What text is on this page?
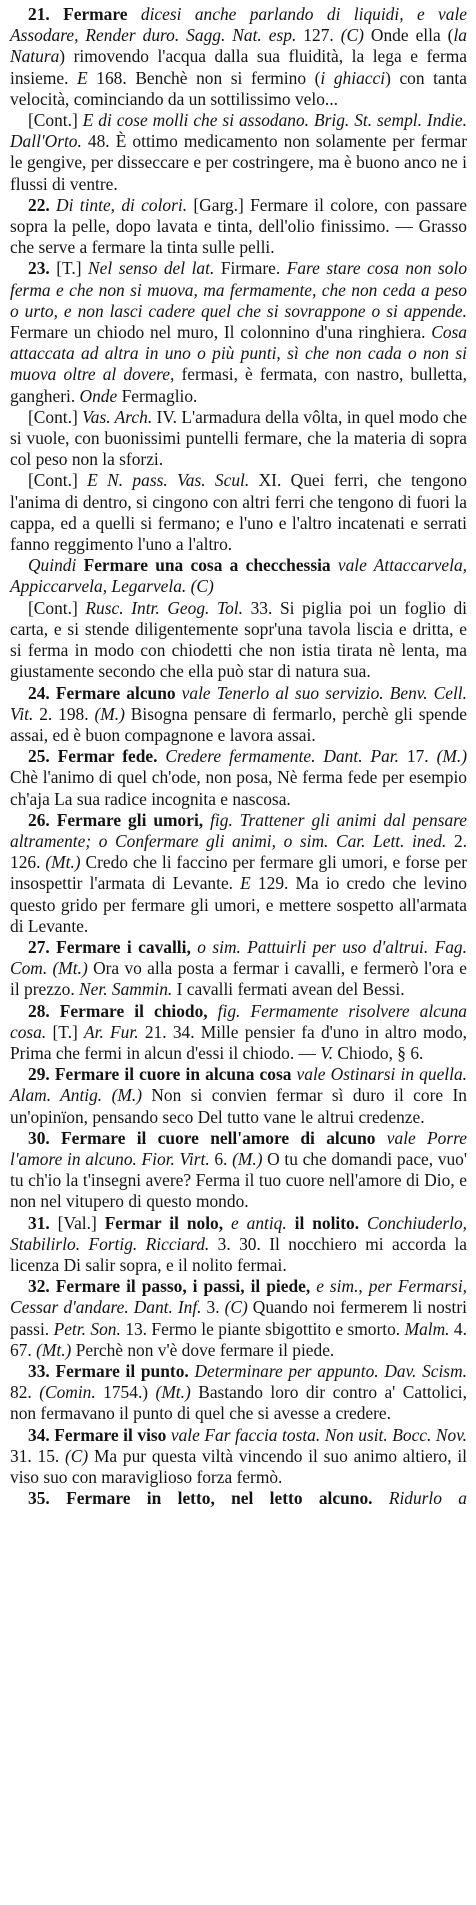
21. Fermare dicesi anche parlando di liquidi, e vale Assodare, Render duro. Sagg. Nat. esp. 127. (C) Onde ella (la Natura) rimovendo l'acqua dalla sua fluidità, la lega e ferma insieme. E 168. Benchè non si fermino (i ghiacci) con tanta velocità, cominciando da un sottilissimo velo...

[Cont.] E di cose molli che si assodano. Brig. St. sempl. Indie. Dall'Orto. 48. È ottimo medicamento non solamente per fermar le gengive, per disseccare e per costringere, ma è buono anco ne i flussi di ventre.

22. Di tinte, di colori. [Garg.] Fermare il colore, con passare sopra la pelle, dopo lavata e tinta, dell'olio finissimo. — Grasso che serve a fermare la tinta sulle pelli.

23. [T.] Nel senso del lat. Firmare. Fare stare cosa non solo ferma e che non si muova, ma fermamente, che non ceda a peso o urto, e non lasci cadere quel che si sovrappone o si appende. Fermare un chiodo nel muro, Il colonnino d'una ringhiera. Cosa attaccata ad altra in uno o più punti, sì che non cada o non si muova oltre al dovere, fermasi, è fermata, con nastro, bulletta, gangheri. Onde Fermaglio.

[Cont.] Vas. Arch. IV. L'armadura della vôlta, in quel modo che si vuole, con buonissimi puntelli fermare, che la materia di sopra col peso non la sforzi.

[Cont.] E N. pass. Vas. Scul. XI. Quei ferri, che tengono l'anima di dentro, si cingono con altri ferri che tengono di fuori la cappa, ed a quelli si fermano; e l'uno e l'altro incatenati e serrati fanno reggimento l'uno a l'altro.

Quindi Fermare una cosa a checchessia vale Attaccarvela, Appiccarvela, Legarvela. (C)

[Cont.] Rusc. Intr. Geog. Tol. 33. Si piglia poi un foglio di carta, e si stende diligentemente sopr'una tavola liscia e dritta, e si ferma in modo con chiodetti che non istia tirata nè lenta, ma giustamente secondo che ella può star di natura sua.

24. Fermare alcuno vale Tenerlo al suo servizio. Benv. Cell. Vit. 2. 198. (M.) Bisogna pensare di fermarlo, perchè gli spende assai, ed è buon compagnone e lavora assai.

25. Fermar fede. Credere fermamente. Dant. Par. 17. (M.) Chè l'animo di quel ch'ode, non posa, Nè fermа fede per esempio ch'aja La sua radice incognita e nascosa.

26. Fermare gli umori, fig. Trattener gli animi dal pensare altramente; o Confermare gli animi, o sim. Car. Lett. ined. 2. 126. (Mt.) Credo che li faccino per fermare gli umori, e forse per insospettir l'armata di Levante. E 129. Ma io credo che levino questo grido per fermare gli umori, e mettere sospetto all'armata di Levante.

27. Fermare i cavalli, o sim. Pattuirli per uso d'altrui. Fag. Com. (Mt.) Ora vo alla posta a fermar i cavalli, e fermerò l'ora e il prezzo. Ner. Sammin. I cavalli fermati avean del Bessi.

28. Fermare il chiodo, fig. Fermamente risolvere alcuna cosa. [T.] Ar. Fur. 21. 34. Mille pensier fa d'uno in altro modo, Prima che fermi in alcun d'essi il chiodo. — V. Chiodo, § 6.

29. Fermare il cuore in alcuna cosa vale Ostinarsi in quella. Alam. Antig. (M.) Non si convien fermar sì duro il core In un'opinïon, pensando seco Del tutto vane le altrui credenze.

30. Fermare il cuore nell'amore di alcuno vale Porre l'amore in alcuno. Fior. Virt. 6. (M.) O tu che domandi pace, vuo' tu ch'io la t'insegni avere? Ferma il tuo cuore nell'amore di Dio, e non nel vitupero di questo mondo.

31. [Val.] Fermar il nolo, e antiq. il nolito. Conchiuderlo, Stabilirlo. Fortig. Ricciard. 3. 30. Il nocchiero mi accorda la licenza Di salir sopra, e il nolito fermai.

32. Fermare il passo, i passi, il piede, e sim., per Fermarsi, Cessar d'andare. Dant. Inf. 3. (C) Quando noi fermerem li nostri passi. Petr. Son. 13. Fermo le piante sbigottito e smorto. Malm. 4. 67. (Mt.) Perchè non v'è dove fermare il piede.

33. Fermare il punto. Determinare per appunto. Dav. Scism. 82. (Comin. 1754.) (Mt.) Bastando loro dir contro a' Cattolici, non fermavano il punto di quel che si avesse a credere.

34. Fermare il viso vale Far faccia tosta. Non usit. Bocc. Nov. 31. 15. (C) Ma pur questa viltà vincendo il suo animo altiero, il viso suo con maraviglioso forza fermò.

35. Fermare in letto, nel letto alcuno. Ridurlo a
